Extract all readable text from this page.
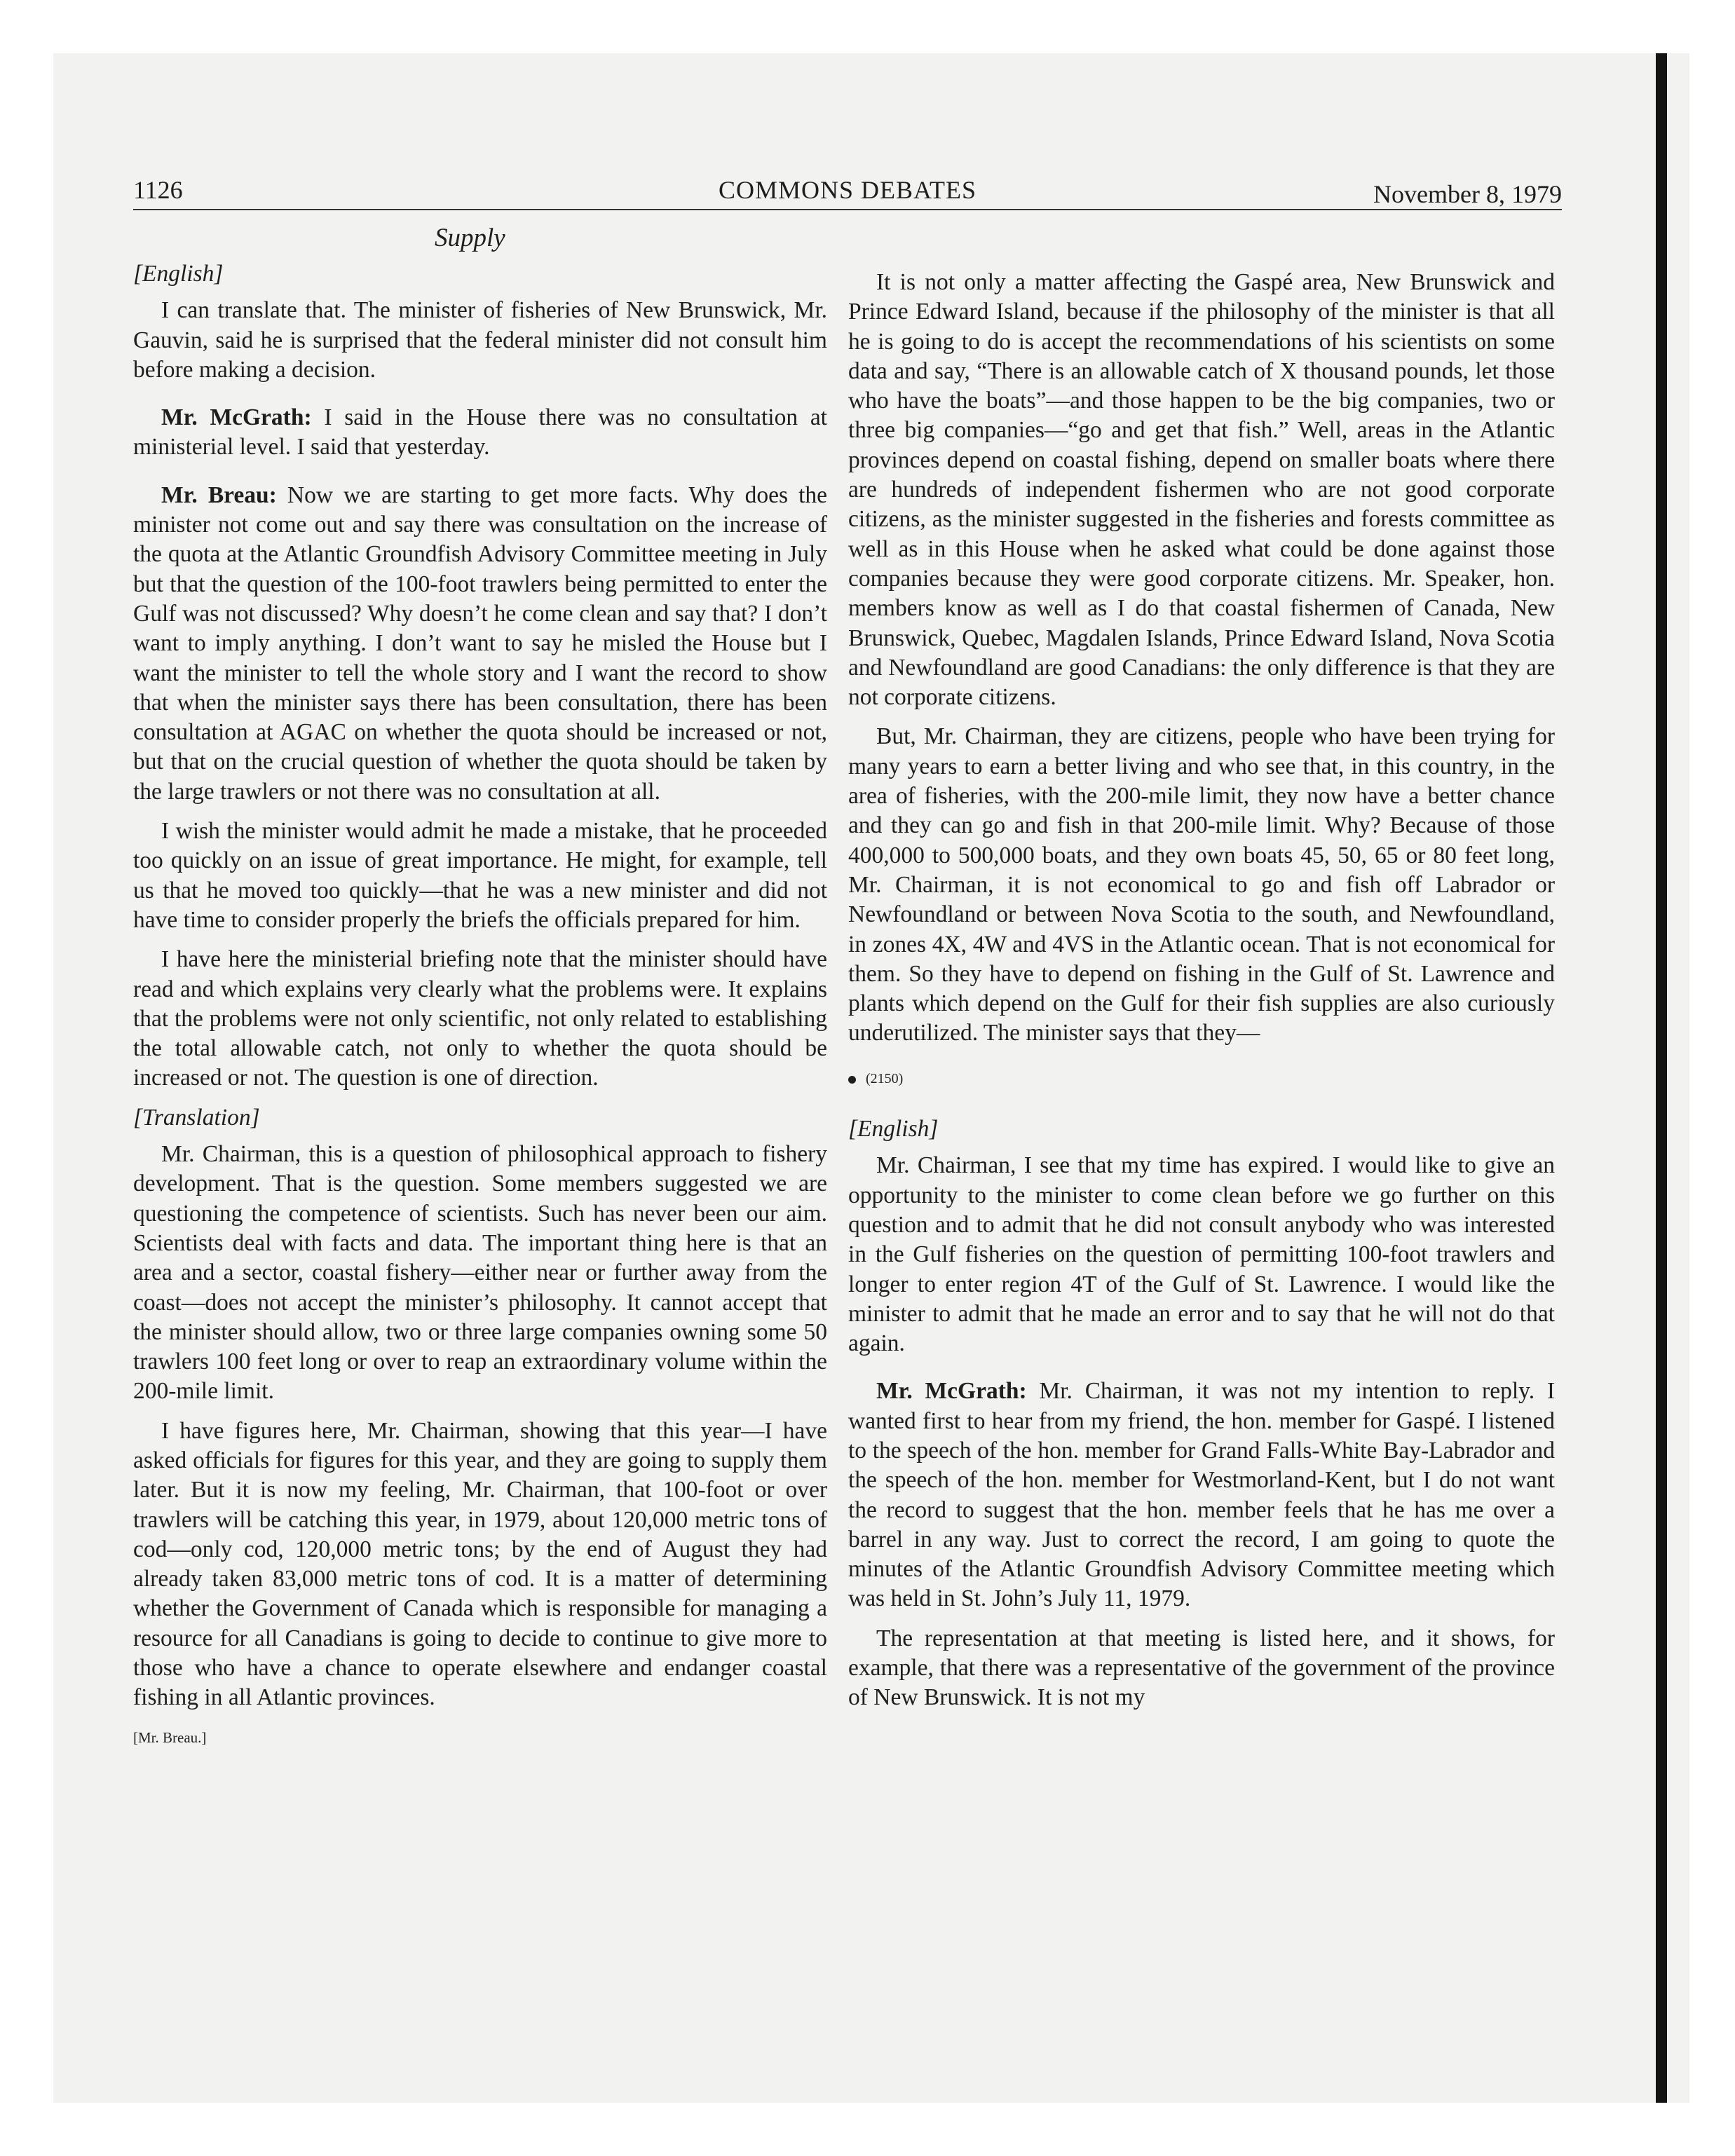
1126	COMMONS DEBATES	November 8, 1979
Supply

[English]

I can translate that. The minister of fisheries of New Brunswick, Mr. Gauvin, said he is surprised that the federal minister did not consult him before making a decision.

Mr. McGrath: I said in the House there was no consultation at ministerial level. I said that yesterday.

Mr. Breau: Now we are starting to get more facts. Why does the minister not come out and say there was consultation on the increase of the quota at the Atlantic Groundfish Advisory Committee meeting in July but that the question of the 100-foot trawlers being permitted to enter the Gulf was not discussed? Why doesn’t he come clean and say that? I don’t want to imply anything. I don’t want to say he misled the House but I want the minister to tell the whole story and I want the record to show that when the minister says there has been consultation, there has been consultation at AGAC on whether the quota should be increased or not, but that on the crucial question of whether the quota should be taken by the large trawlers or not there was no consultation at all.

I wish the minister would admit he made a mistake, that he proceeded too quickly on an issue of great importance. He might, for example, tell us that he moved too quickly—that he was a new minister and did not have time to consider properly the briefs the officials prepared for him.

I have here the ministerial briefing note that the minister should have read and which explains very clearly what the problems were. It explains that the problems were not only scientific, not only related to establishing the total allowable catch, not only to whether the quota should be increased or not. The question is one of direction.

[Translation]

Mr. Chairman, this is a question of philosophical approach to fishery development. That is the question. Some members suggested we are questioning the competence of scientists. Such has never been our aim. Scientists deal with facts and data. The important thing here is that an area and a sector, coastal fishery—either near or further away from the coast—does not accept the minister’s philosophy. It cannot accept that the minister should allow, two or three large companies owning some 50 trawlers 100 feet long or over to reap an extraordinary volume within the 200-mile limit.

I have figures here, Mr. Chairman, showing that this year—I have asked officials for figures for this year, and they are going to supply them later. But it is now my feeling, Mr. Chairman, that 100-foot or over trawlers will be catching this year, in 1979, about 120,000 metric tons of cod—only cod, 120,000 metric tons; by the end of August they had already taken 83,000 metric tons of cod. It is a matter of determining whether the Government of Canada which is responsible for managing a resource for all Canadians is going to decide to continue to give more to those who have a chance to operate elsewhere and endanger coastal fishing in all Atlantic provinces.

[Mr. Breau.]

It is not only a matter affecting the Gaspé area, New Brunswick and Prince Edward Island, because if the philosophy of the minister is that all he is going to do is accept the recommendations of his scientists on some data and say, “There is an allowable catch of X thousand pounds, let those who have the boats”—and those happen to be the big companies, two or three big companies—“go and get that fish.” Well, areas in the Atlantic provinces depend on coastal fishing, depend on smaller boats where there are hundreds of independent fishermen who are not good corporate citizens, as the minister suggested in the fisheries and forests committee as well as in this House when he asked what could be done against those companies because they were good corporate citizens. Mr. Speaker, hon. members know as well as I do that coastal fishermen of Canada, New Brunswick, Quebec, Magdalen Islands, Prince Edward Island, Nova Scotia and Newfoundland are good Canadians: the only difference is that they are not corporate citizens.

But, Mr. Chairman, they are citizens, people who have been trying for many years to earn a better living and who see that, in this country, in the area of fisheries, with the 200-mile limit, they now have a better chance and they can go and fish in that 200-mile limit. Why? Because of those 400,000 to 500,000 boats, and they own boats 45, 50, 65 or 80 feet long, Mr. Chairman, it is not economical to go and fish off Labrador or Newfoundland or between Nova Scotia to the south, and Newfoundland, in zones 4X, 4W and 4VS in the Atlantic ocean. That is not economical for them. So they have to depend on fishing in the Gulf of St. Lawrence and plants which depend on the Gulf for their fish supplies are also curiously underutilized. The minister says that they—

(2150)

[English]

Mr. Chairman, I see that my time has expired. I would like to give an opportunity to the minister to come clean before we go further on this question and to admit that he did not consult anybody who was interested in the Gulf fisheries on the question of permitting 100-foot trawlers and longer to enter region 4T of the Gulf of St. Lawrence. I would like the minister to admit that he made an error and to say that he will not do that again.

Mr. McGrath: Mr. Chairman, it was not my intention to reply. I wanted first to hear from my friend, the hon. member for Gaspé. I listened to the speech of the hon. member for Grand Falls-White Bay-Labrador and the speech of the hon. member for Westmorland-Kent, but I do not want the record to suggest that the hon. member feels that he has me over a barrel in any way. Just to correct the record, I am going to quote the minutes of the Atlantic Groundfish Advisory Committee meeting which was held in St. John’s July 11, 1979.

The representation at that meeting is listed here, and it shows, for example, that there was a representative of the government of the province of New Brunswick. It is not my
